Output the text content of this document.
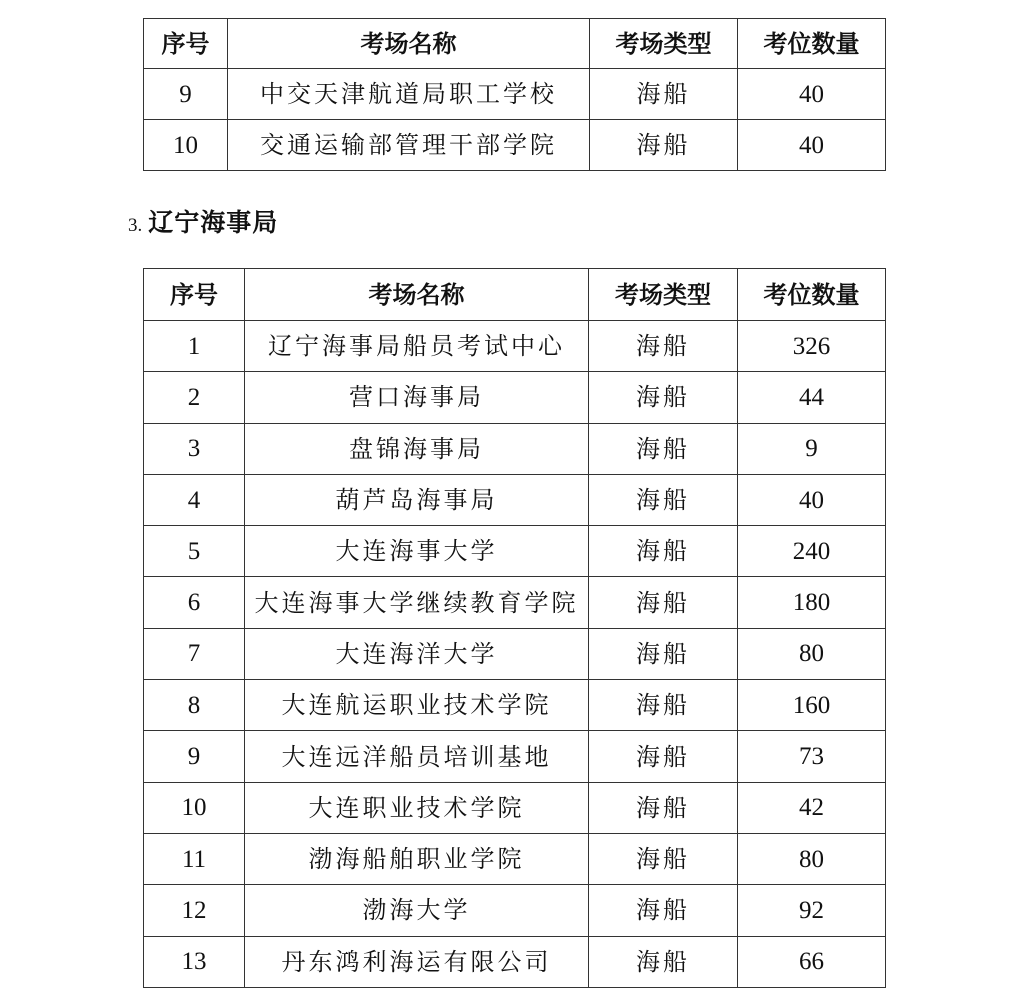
序号	考场名称	考场类型	考位数量
9	中交天津航道局职工学校	海船	40
10	交通运输部管理干部学院	海船	40
3. 辽宁海事局
序号	考场名称	考场类型	考位数量
1	辽宁海事局船员考试中心	海船	326
2	营口海事局	海船	44
3	盘锦海事局	海船	9
4	葫芦岛海事局	海船	40
5	大连海事大学	海船	240
6	大连海事大学继续教育学院	海船	180
7	大连海洋大学	海船	80
8	大连航运职业技术学院	海船	160
9	大连远洋船员培训基地	海船	73
10	大连职业技术学院	海船	42
11	渤海船舶职业学院	海船	80
12	渤海大学	海船	92
13	丹东鸿利海运有限公司	海船	66
